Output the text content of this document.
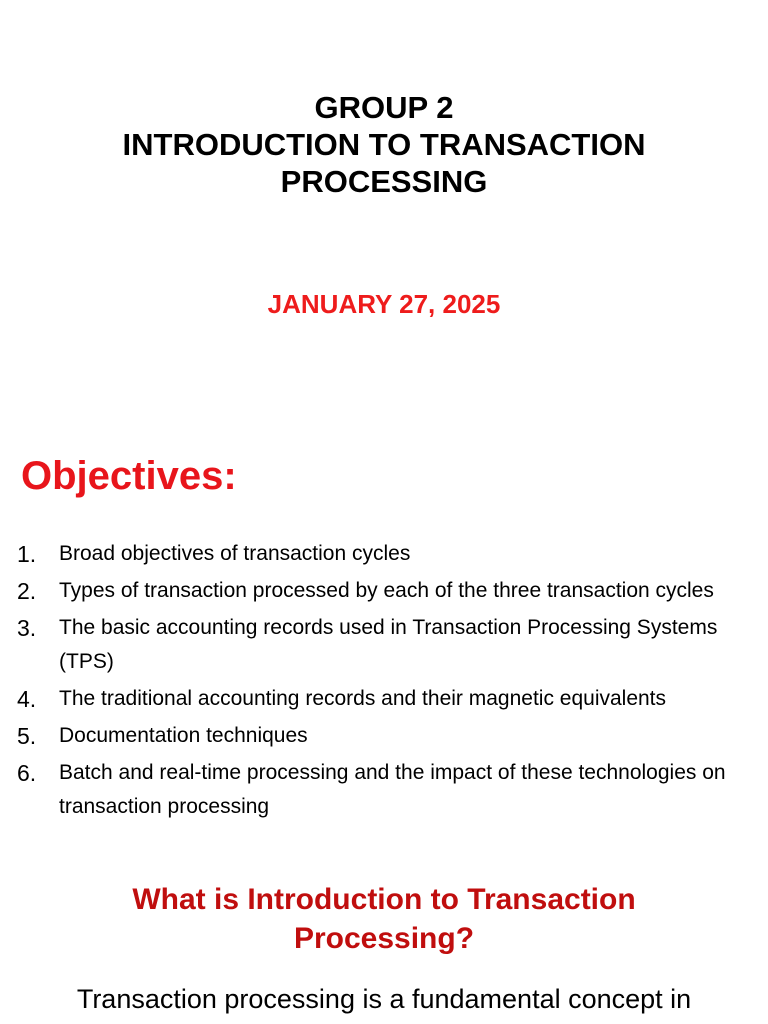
GROUP 2
INTRODUCTION TO TRANSACTION
PROCESSING
JANUARY 27, 2025
Objectives:
1. Broad objectives of transaction cycles
2. Types of transaction processed by each of the three transaction cycles
3. The basic accounting records used in Transaction Processing Systems (TPS)
4. The traditional accounting records and their magnetic equivalents
5. Documentation techniques
6. Batch and real-time processing and the impact of these technologies on transaction processing
What is Introduction to Transaction
Processing?
Transaction processing is a fundamental concept in
